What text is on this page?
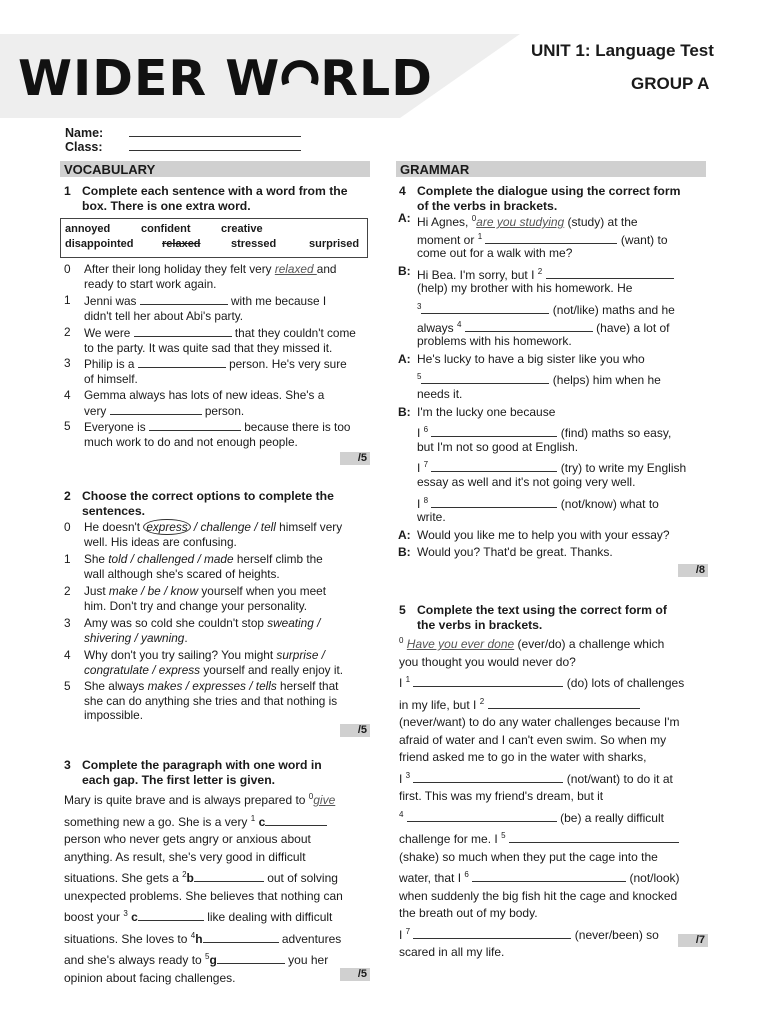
WIDER W RLD	UNIT 1: Language Test
GROUP A
Name:
Class:
VOCABULARY
1 Complete each sentence with a word from the
box. There is one extra word.
annoyed	confident	creative
disappointed	relaxed	stressed	surprised
0 After their long holiday they felt very relaxed and
ready to start work again.
1 Jenni was	with me because I
didn't tell her about Abi's party.
2 We were	that they couldn't come
to the party. It was quite sad that they missed it.
3 Philip is a	person. He's very sure
of himself.
4 Gemma always has lots of new ideas. She's a
very	person.
5 Everyone is	because there is too
much work to do and not enough people.
/5
2 Choose the correct options to complete the
sentences.
0 He doesn't express / challenge / tell himself very
well. His ideas are confusing.
1 She told / challenged / made herself climb the
wall although she's scared of heights.
2 Just make / be / know yourself when you meet
him. Don't try and change your personality.
3 Amy was so cold she couldn't stop sweating /
shivering / yawning.
4 Why don't you try sailing? You might surprise /
congratulate / express yourself and really enjoy it.
5 She always makes / expresses / tells herself that
she can do anything she tries and that nothing is
impossible.
/5
3 Complete the paragraph with one word in
each gap. The first letter is given.
Mary is quite brave and is always prepared to $^0$give
something new a go. She is a very $^1$ c
person who never gets angry or anxious about
anything. As result, she's very good in difficult
situations. She gets a $^2$b	out of solving
unexpected problems. She believes that nothing can
boost your $^3$ c	like dealing with difficult
situations. She loves to $^4$h	adventures
and she's always ready to $^5$g	you her
opinion about facing challenges.	/5
GRAMMAR
4 Complete the dialogue using the correct form
of the verbs in brackets.
A: Hi Agnes, $^0$are you studying (study) at the
moment or $^1$	(want) to
come out for a walk with me?
B: Hi Bea. I'm sorry, but I $^2$
(help) my brother with his homework. He
$^3$	(not/like) maths and he
always $^4$	(have) a lot of
problems with his homework.
A: He's lucky to have a big sister like you who
$^5$	(helps) him when he
needs it.
B: I'm the lucky one because
I $^6$	(find) maths so easy,
but I'm not so good at English.
I $^7$	(try) to write my English
essay as well and it's not going very well.
I $^8$	(not/know) what to
write.
A: Would you like me to help you with your essay?
B: Would you? That'd be great. Thanks.
/8
5 Complete the text using the correct form of
the verbs in brackets.
$^0$ Have you ever done (ever/do) a challenge which
you thought you would never do?
I $^1$	(do) lots of challenges
in my life, but I $^2$
(never/want) to do any water challenges because I'm
afraid of water and I can't even swim. So when my
friend asked me to go in the water with sharks,
I $^3$	(not/want) to do it at
first. This was my friend's dream, but it
$^4$	(be) a really difficult
challenge for me. I $^5$
(shake) so much when they put the cage into the
water, that I $^6$	(not/look)
when suddenly the big fish hit the cage and knocked
the breath out of my body.
I $^7$	(never/been) so
scared in all my life.
/7
